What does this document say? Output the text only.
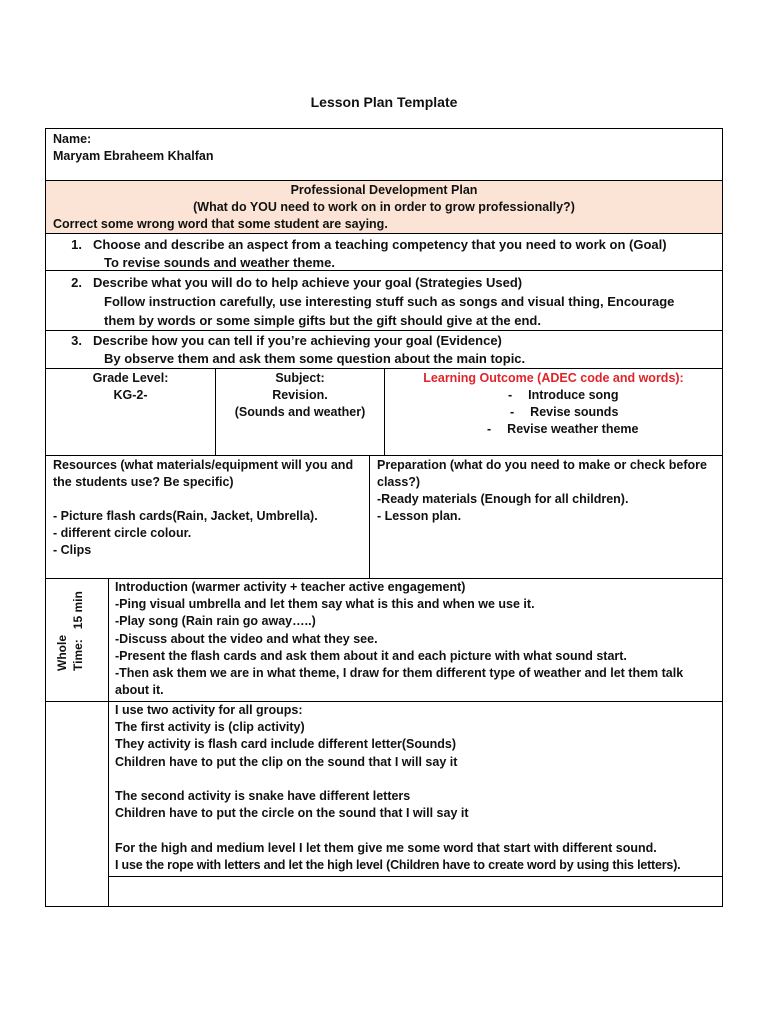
Lesson Plan Template
Name:
Maryam Ebraheem Khalfan
Professional Development Plan
(What do YOU need to work on in order to grow professionally?)
Correct some wrong word that some student are saying.
1. Choose and describe an aspect from a teaching competency that you need to work on (Goal)
To revise sounds and weather theme.
2. Describe what you will do to help achieve your goal (Strategies Used)
Follow instruction carefully, use interesting stuff such as songs and visual thing, Encourage
them by words or some simple gifts but the gift should give at the end.
3. Describe how you can tell if you’re achieving your goal (Evidence)
By observe them and ask them some question about the main topic.
Grade Level:
KG-2-
Subject:
Revision.
(Sounds and weather)
Learning Outcome (ADEC code and words):
- Introduce song
- Revise sounds
- Revise weather theme
Resources (what materials/equipment will you and
the students use? Be specific)
- Picture flash cards(Rain, Jacket, Umbrella).
- different circle colour.
- Clips
Preparation (what do you need to make or check before
class?)
-Ready materials (Enough for all children).
- Lesson plan.
Whole Time:   15 min
Introduction (warmer activity + teacher active engagement)
-Ping visual umbrella and let them say what is this and when we use it.
-Play song (Rain rain go away…..)
-Discuss about the video and what they see.
-Present the flash cards and ask them about it and each picture with what sound start.
-Then ask them we are in what theme, I draw for them different type of weather and let them talk
about it.
I use two activity for all groups:
The first activity is (clip activity)
They activity is flash card include different letter(Sounds)
Children have to put the clip on the sound that I will say it
The second activity is snake have different letters
Children have to put the circle on the sound that I will say it
For the high and medium level I let them give me some word that start with different sound.
I use the rope with letters and let the high level (Children have to create word by using this letters).
